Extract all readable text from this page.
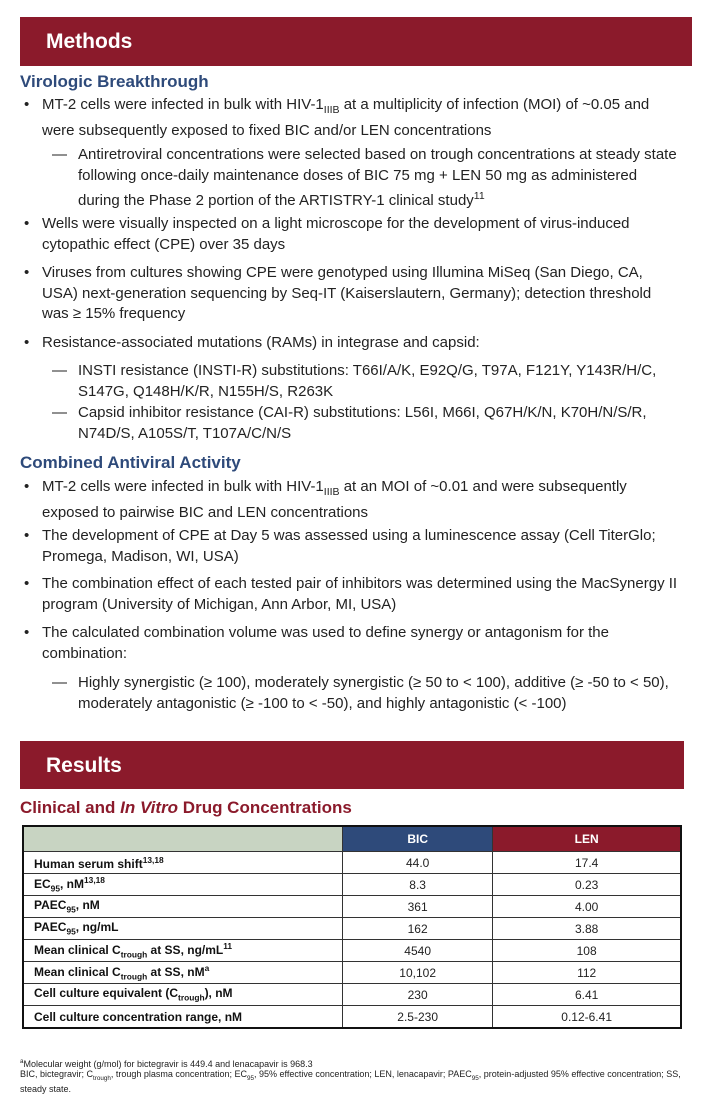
Methods
Virologic Breakthrough
• MT-2 cells were infected in bulk with HIV-$1_{IIIB}$ at a multiplicity of infection (MOI) of ~0.05 and were subsequently exposed to fixed BIC and/or LEN concentrations
— Antiretroviral concentrations were selected based on trough concentrations at steady state following once-daily maintenance doses of BIC 75 mg + LEN 50 mg as administered during the Phase 2 portion of the ARTISTRY-1 clinical study$^{11}$
• Wells were visually inspected on a light microscope for the development of virus-induced cytopathic effect (CPE) over 35 days
• Viruses from cultures showing CPE were genotyped using Illumina MiSeq (San Diego, CA, USA) next-generation sequencing by Seq-IT (Kaiserslautern, Germany); detection threshold was ≥ 15% frequency
• Resistance-associated mutations (RAMs) in integrase and capsid:
— INSTI resistance (INSTI-R) substitutions: T66I/A/K, E92Q/G, T97A, F121Y, Y143R/H/C, S147G, Q148H/K/R, N155H/S, R263K
— Capsid inhibitor resistance (CAI-R) substitutions: L56I, M66I, Q67H/K/N, K70H/N/S/R, N74D/S, A105S/T, T107A/C/N/S
Combined Antiviral Activity
• MT-2 cells were infected in bulk with HIV-$1_{IIIB}$ at an MOI of ~0.01 and were subsequently exposed to pairwise BIC and LEN concentrations
• The development of CPE at Day 5 was assessed using a luminescence assay (Cell TiterGlo; Promega, Madison, WI, USA)
• The combination effect of each tested pair of inhibitors was determined using the MacSynergy II program (University of Michigan, Ann Arbor, MI, USA)
• The calculated combination volume was used to define synergy or antagonism for the combination:
— Highly synergistic (≥ 100), moderately synergistic (≥ 50 to < 100), additive (≥ -50 to < 50), moderately antagonistic (≥ -100 to < -50), and highly antagonistic (< -100)
Results
Clinical and In Vitro Drug Concentrations
	BIC	LEN
Human serum shift$^{13,18}$	44.0	17.4
$EC_{95}$, nM$^{13,18}$	8.3	0.23
$PAEC_{95}$, nM	361	4.00
$PAEC_{95}$, ng/mL	162	3.88
Mean clinical $C_{trough}$ at SS, $ng/mL^{11}$	4540	108
Mean clinical $C_{trough}$ at SS, $nM^a$	10,102	112
Cell culture equivalent $(C_{trough})$, nM	230	6.41
Cell culture concentration range, nM	2.5-230	0.12-6.41
$^a$Molecular weight (g/mol) for bictegravir is 449.4 and lenacapavir is 968.3
BIC, bictegravir; $C_{trough}$, trough plasma concentration; $EC_{95}$, 95% effective concentration; LEN, lenacapavir; $PAEC_{95}$, protein-adjusted 95% effective concentration; SS, steady state.
